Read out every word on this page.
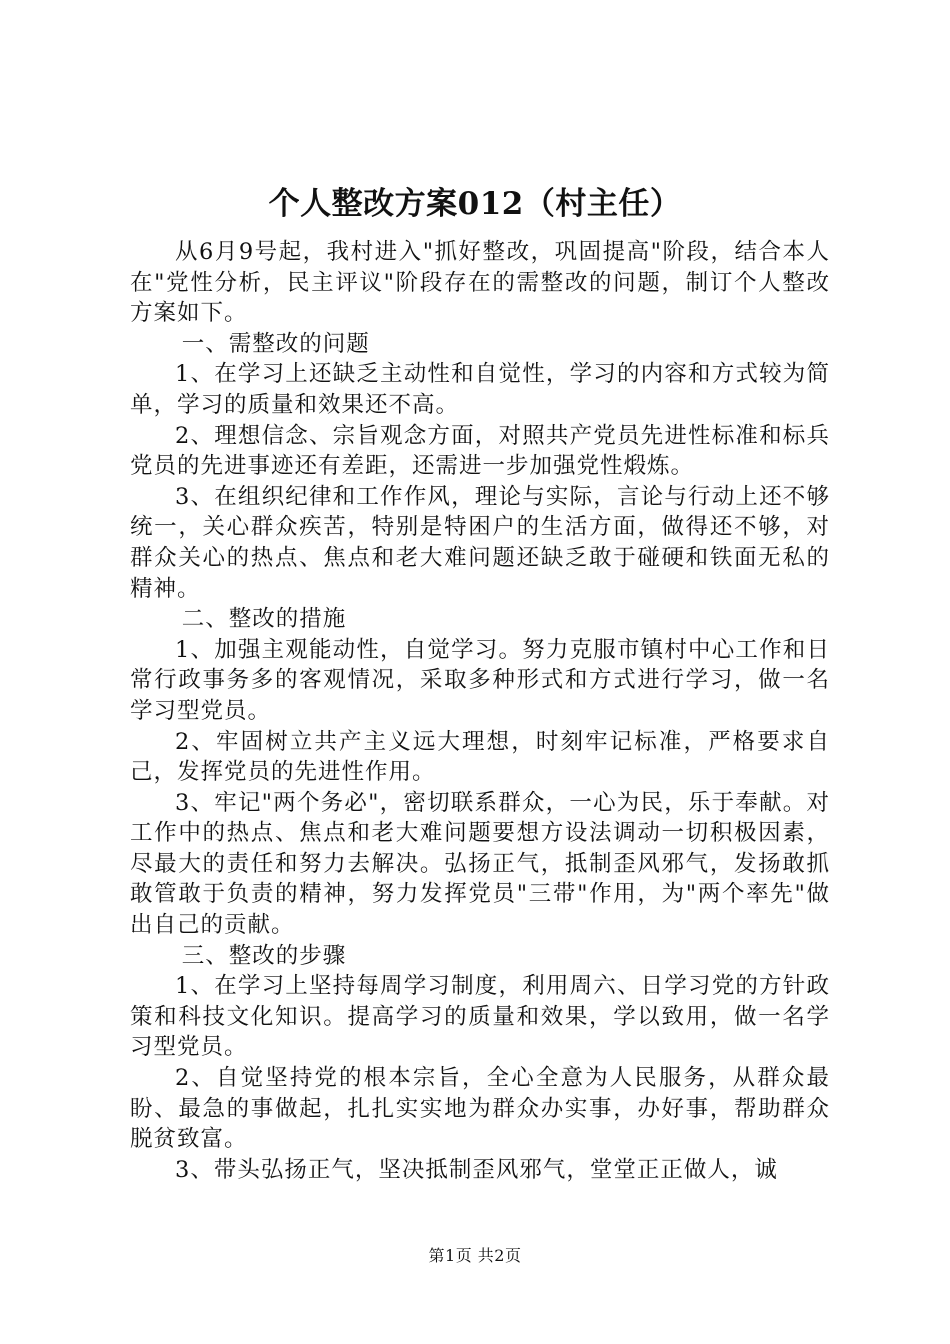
个人整改方案012（村主任）

从6月9号起，我村进入"抓好整改，巩固提高"阶段，结合本人在"党性分析，民主评议"阶段存在的需整改的问题，制订个人整改方案如下。

一、需整改的问题

1、在学习上还缺乏主动性和自觉性，学习的内容和方式较为简单，学习的质量和效果还不高。

2、理想信念、宗旨观念方面，对照共产党员先进性标准和标兵党员的先进事迹还有差距，还需进一步加强党性煅炼。

3、在组织纪律和工作作风，理论与实际，言论与行动上还不够统一，关心群众疾苦，特别是特困户的生活方面，做得还不够，对群众关心的热点、焦点和老大难问题还缺乏敢于碰硬和铁面无私的精神。

二、整改的措施

1、加强主观能动性，自觉学习。努力克服市镇村中心工作和日常行政事务多的客观情况，采取多种形式和方式进行学习，做一名学习型党员。

2、牢固树立共产主义远大理想，时刻牢记标准，严格要求自己，发挥党员的先进性作用。

3、牢记"两个务必"，密切联系群众，一心为民，乐于奉献。对工作中的热点、焦点和老大难问题要想方设法调动一切积极因素，尽最大的责任和努力去解决。弘扬正气，抵制歪风邪气，发扬敢抓敢管敢于负责的精神，努力发挥党员"三带"作用，为"两个率先"做出自己的贡献。

三、整改的步骤

1、在学习上坚持每周学习制度，利用周六、日学习党的方针政策和科技文化知识。提高学习的质量和效果，学以致用，做一名学习型党员。

2、自觉坚持党的根本宗旨，全心全意为人民服务，从群众最盼、最急的事做起，扎扎实实地为群众办实事，办好事，帮助群众脱贫致富。

3、带头弘扬正气，坚决抵制歪风邪气，堂堂正正做人，诚

第1页 共2页
